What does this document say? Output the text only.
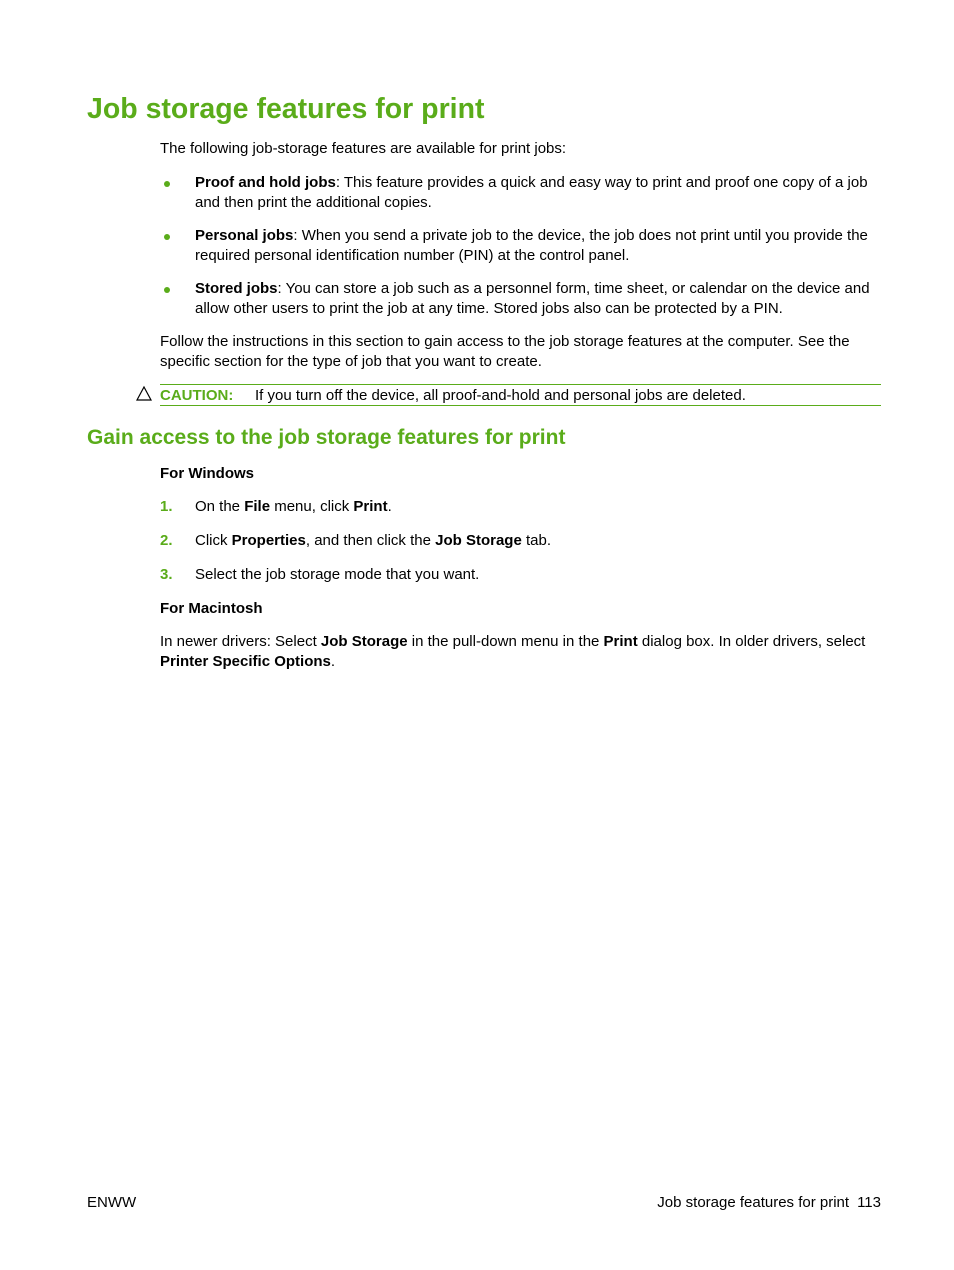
Job storage features for print
The following job-storage features are available for print jobs:
Proof and hold jobs: This feature provides a quick and easy way to print and proof one copy of a job and then print the additional copies.
Personal jobs: When you send a private job to the device, the job does not print until you provide the required personal identification number (PIN) at the control panel.
Stored jobs: You can store a job such as a personnel form, time sheet, or calendar on the device and allow other users to print the job at any time. Stored jobs also can be protected by a PIN.
Follow the instructions in this section to gain access to the job storage features at the computer. See the specific section for the type of job that you want to create.
CAUTION: If you turn off the device, all proof-and-hold and personal jobs are deleted.
Gain access to the job storage features for print
For Windows
1. On the File menu, click Print.
2. Click Properties, and then click the Job Storage tab.
3. Select the job storage mode that you want.
For Macintosh
In newer drivers: Select Job Storage in the pull-down menu in the Print dialog box. In older drivers, select Printer Specific Options.
ENWW	Job storage features for print 113
